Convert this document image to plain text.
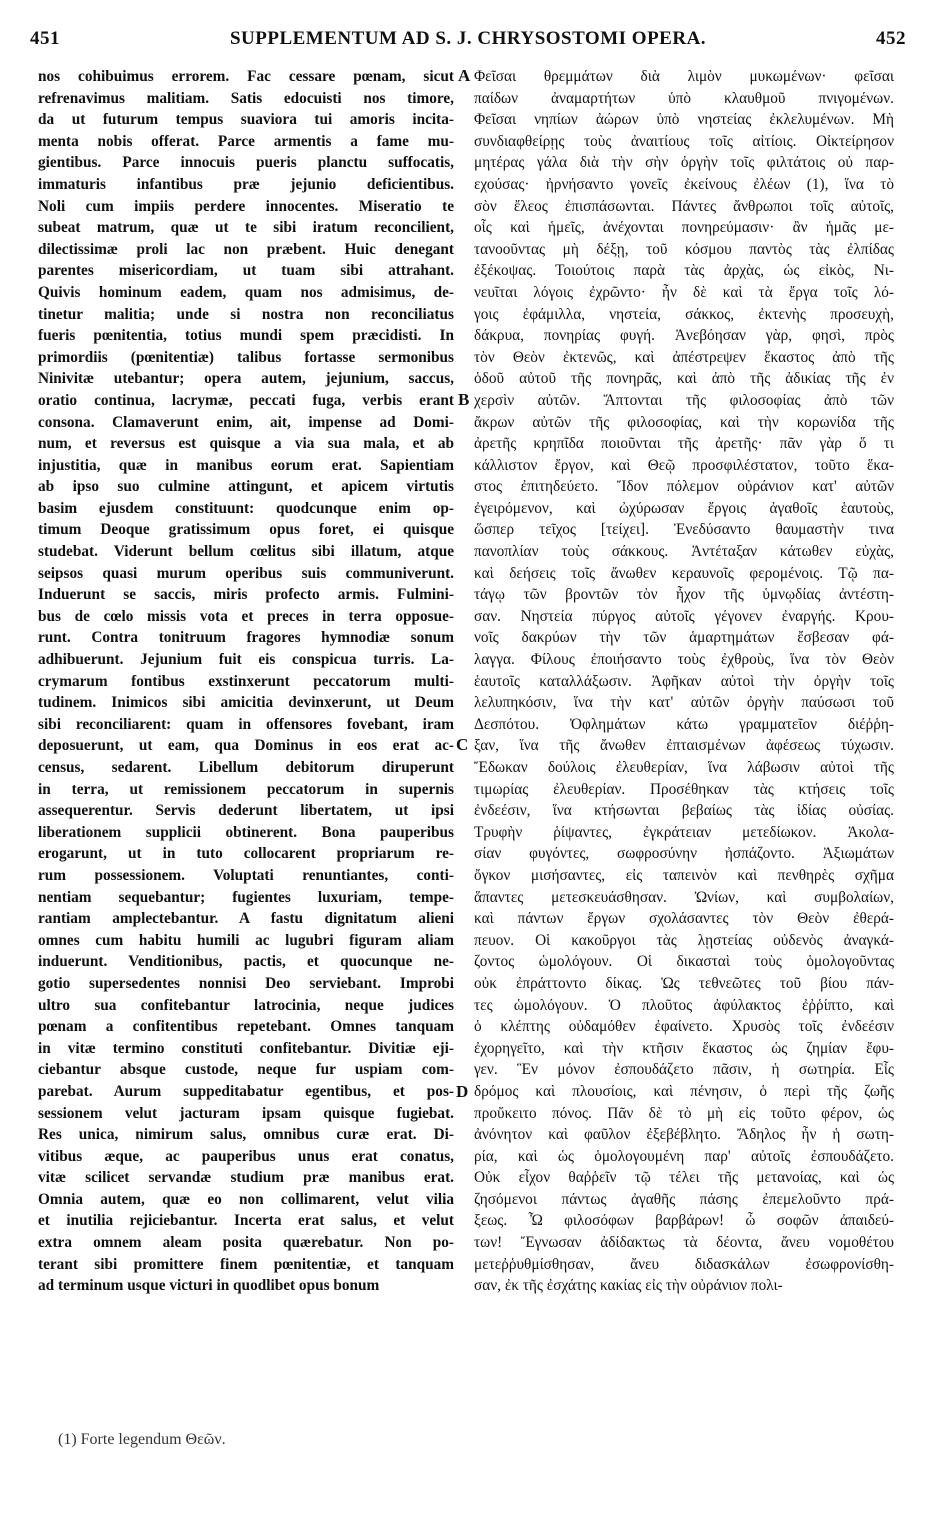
451	SUPPLEMENTUM AD S. J. CHRYSOSTOMI OPERA.	452
nos cohibuimus errorem. Fac cessare pœnam, sicut
refrenavimus malitiam. Satis edocuisti nos timore,
da ut futurum tempus suaviora tui amoris incita-
menta nobis offerat. Parce armentis a fame mu-
gientibus. Parce innocuis pueris planctu suffocatis,
immaturis infantibus præ jejunio deficientibus.
Noli cum impiis perdere innocentes. Miseratio te
subeat matrum, quæ ut te sibi iratum reconcilient,
dilectissimæ proli lac non præbent. Huic denegant
parentes misericordiam, ut tuam sibi attrahant.
Quivis hominum eadem, quam nos admisimus, de-
tinetur malitia; unde si nostra non reconciliatus
fueris pœnitentia, totius mundi spem præcidisti. In
primordiis (pœnitentiæ) talibus fortasse sermonibus
Ninivitæ utebantur; opera autem, jejunium, saccus,
oratio continua, lacrymæ, peccati fuga, verbis erant
consona. Clamaverunt enim, ait, impense ad Domi-
num, et reversus est quisque a via sua mala, et ab
injustitia, quæ in manibus eorum erat. Sapientiam
ab ipso suo culmine attingunt, et apicem virtutis
basim ejusdem constituunt: quodcunque enim op-
timum Deoque gratissimum opus foret, ei quisque
studebat. Viderunt bellum cœlitus sibi illatum, atque
seipsos quasi murum operibus suis communiverunt.
Induerunt se saccis, miris profecto armis. Fulmini-
bus de cœlo missis vota et preces in terra opposue-
runt. Contra tonitruum fragores hymnodiæ sonum
adhibuerunt. Jejunium fuit eis conspicua turris. La-
crymarum fontibus exstinxerunt peccatorum multi-
tudinem. Inimicos sibi amicitia devinxerunt, ut Deum
sibi reconciliarent: quam in offensores fovebant, iram
deposuerunt, ut eam, qua Dominus in eos erat ac-
census, sedarent. Libellum debitorum diruperunt
in terra, ut remissionem peccatorum in supernis
assequerentur. Servis dederunt libertatem, ut ipsi
liberationem supplicii obtinerent. Bona pauperibus
erogarunt, ut in tuto collocarent propriarum re-
rum possessionem. Voluptati renuntiantes, conti-
nentiam sequebantur; fugientes luxuriam, tempe-
rantiam amplectebantur. A fastu dignitatum alieni
omnes cum habitu humili ac lugubri figuram aliam
induerunt. Venditionibus, pactis, et quocunque ne-
gotio supersedentes nonnisi Deo serviebant. Improbi
ultro sua confitebantur latrocinia, neque judices
pœnam a confitentibus repetebant. Omnes tanquam
in vitæ termino constituti confitebantur. Divitiæ eji-
ciebantur absque custode, neque fur uspiam com-
parebat. Aurum suppeditabatur egentibus, et pos-
sessionem velut jacturam ipsam quisque fugiebat.
Res unica, nimirum salus, omnibus curæ erat. Di-
vitibus æque, ac pauperibus unus erat conatus,
vitæ scilicet servandæ studium præ manibus erat.
Omnia autem, quæ eo non collimarent, velut vilia
et inutilia rejiciebantur. Incerta erat salus, et velut
extra omnem aleam posita quærebatur. Non po-
terant sibi promittere finem pœnitentiæ, et tanquam
ad terminum usque victuri in quodlibet opus bonum
Φεῖσαι θρεμμάτων διὰ λιμὸν μυκωμένων· φεῖσαι
παίδων ἀναμαρτήτων ὑπὸ κλαυθμοῦ πνιγομένων.
Φεῖσαι νηπίων ἀώρων ὑπὸ νηστείας ἐκλελυμένων. Μὴ
συνδιαφθείρῃς τοὺς ἀναιτίους τοῖς αἰτίοις. Οἰκτείρησον
μητέρας γάλα διὰ τὴν σὴν ὀργὴν τοῖς φιλτάτοις οὐ παρ-
εχούσας· ἠρνήσαντο γονεῖς ἐκείνους ἐλέων (1), ἵνα τὸ
σὸν ἔλεος ἐπισπάσωνται. Πάντες ἄνθρωποι τοῖς αὐτοῖς,
οἷς καὶ ἡμεῖς, ἀνέχονται πονηρεύμασιν· ἂν ἡμᾶς με-
τανοοῦντας μὴ δέξῃ, τοῦ κόσμου παντὸς τὰς ἐλπίδας
ἐξέκοψας. Τοιούτοις παρὰ τὰς ἀρχὰς, ὡς εἰκὸς, Νι-
νευῖται λόγοις ἐχρῶντο· ἦν δὲ καὶ τὰ ἔργα τοῖς λό-
γοις ἐφάμιλλα, νηστεία, σάκκος, ἐκτενὴς προσευχὴ,
δάκρυα, πονηρίας φυγή. Ἀνεβόησαν γὰρ, φησὶ, πρὸς
τὸν Θεὸν ἐκτενῶς, καὶ ἀπέστρεψεν ἕκαστος ἀπὸ τῆς
ὁδοῦ αὐτοῦ τῆς πονηρᾶς, καὶ ἀπὸ τῆς ἀδικίας τῆς ἐν
χερσὶν αὐτῶν. Ἅπτονται τῆς φιλοσοφίας ἀπὸ τῶν
ἄκρων αὐτῶν τῆς φιλοσοφίας, καὶ τὴν κορωνίδα τῆς
ἀρετῆς κρηπῖδα ποιοῦνται τῆς ἀρετῆς· πᾶν γὰρ ὅ τι
κάλλιστον ἔργον, καὶ Θεῷ προσφιλέστατον, τοῦτο ἕκα-
στος ἐπιτηδεύετο. Ἴδον πόλεμον οὐράνιον κατ' αὐτῶν
ἐγειρόμενον, καὶ ὠχύρωσαν ἔργοις ἀγαθοῖς ἑαυτοὺς,
ὥσπερ τεῖχος [τείχει]. Ἐνεδύσαντο θαυμαστὴν τινα
πανοπλίαν τοὺς σάκκους. Ἀντέταξαν κάτωθεν εὐχὰς,
καὶ δεήσεις τοῖς ἄνωθεν κεραυνοῖς φερομένοις. Τῷ πα-
τάγῳ τῶν βροντῶν τὸν ἦχον τῆς ὑμνῳδίας ἀντέστη-
σαν. Νηστεία πύργος αὐτοῖς γέγονεν ἐναργής. Κρου-
νοῖς δακρύων τὴν τῶν ἁμαρτημάτων ἔσβεσαν φά-
λαγγα. Φίλους ἐποιήσαντο τοὺς ἐχθροὺς, ἵνα τὸν Θεὸν
ἑαυτοῖς καταλλάξωσιν. Ἀφῆκαν αὐτοὶ τὴν ὀργὴν τοῖς
λελυπηκόσιν, ἵνα τὴν κατ' αὐτῶν ὀργὴν παύσωσι τοῦ
Δεσπότου. Ὀφλημάτων κάτω γραμματεῖον διέῤῥη-
ξαν, ἵνα τῆς ἄνωθεν ἐπταισμένων ἀφέσεως τύχωσιν.
Ἔδωκαν δούλοις ἐλευθερίαν, ἵνα λάβωσιν αὐτοὶ τῆς
τιμωρίας ἐλευθερίαν. Προσέθηκαν τὰς κτήσεις τοῖς
ἐνδεέσιν, ἵνα κτήσωνται βεβαίως τὰς ἰδίας οὐσίας.
Τρυφὴν ῥίψαντες, ἐγκράτειαν μετεδίωκον. Ἀκολα-
σίαν φυγόντες, σωφροσύνην ἠσπάζοντο. Ἀξιωμάτων
ὄγκον μισήσαντες, εἰς ταπεινὸν καὶ πενθηρὲς σχῆμα
ἅπαντες μετεσκευάσθησαν. Ὠνίων, καὶ συμβολαίων,
καὶ πάντων ἔργων σχολάσαντες τὸν Θεὸν ἐθερά-
πευον. Οἱ κακοῦργοι τὰς λῃστείας οὐδενὸς ἀναγκά-
ζοντος ὡμολόγουν. Οἱ δικασταὶ τοὺς ὁμολογοῦντας
οὐκ ἐπράττοντο δίκας. Ὡς τεθνεῶτες τοῦ βίου πάν-
τες ὡμολόγουν. Ὁ πλοῦτος ἀφύλακτος ἐῤῥίπτο, καὶ
ὁ κλέπτης οὐδαμόθεν ἐφαίνετο. Χρυσὸς τοῖς ἐνδεέσιν
ἐχορηγεῖτο, καὶ τὴν κτῆσιν ἕκαστος ὡς ζημίαν ἔφυ-
γεν. Ἓν μόνον ἐσπουδάζετο πᾶσιν, ἡ σωτηρία. Εἷς
δρόμος καὶ πλουσίοις, καὶ πένησιν, ὁ περὶ τῆς ζωῆς
προὔκειτο πόνος. Πᾶν δὲ τὸ μὴ εἰς τοῦτο φέρον, ὡς
ἀνόνητον καὶ φαῦλον ἐξεβέβλητο. Ἄδηλος ἦν ἡ σωτη-
ρία, καὶ ὡς ὁμολογουμένη παρ' αὐτοῖς ἐσπουδάζετο.
Οὐκ εἶχον θαῤῥεῖν τῷ τέλει τῆς μετανοίας, καὶ ὡς
ζησόμενοι πάντως ἀγαθῆς πάσης ἐπεμελοῦντο πρά-
ξεως. Ὦ φιλοσόφων βαρβάρων! ὦ σοφῶν ἀπαιδεύ-
των! Ἔγνωσαν ἀδίδακτως τὰ δέοντα, ἄνευ νομοθέτου
μετεῤῥυθμίσθησαν, ἄνευ διδασκάλων ἐσωφρονίσθη-
σαν, ἐκ τῆς ἐσχάτης κακίας εἰς τὴν οὐράνιον πολι-
A
B
C
D
(1) Forte legendum Θεῶν.
